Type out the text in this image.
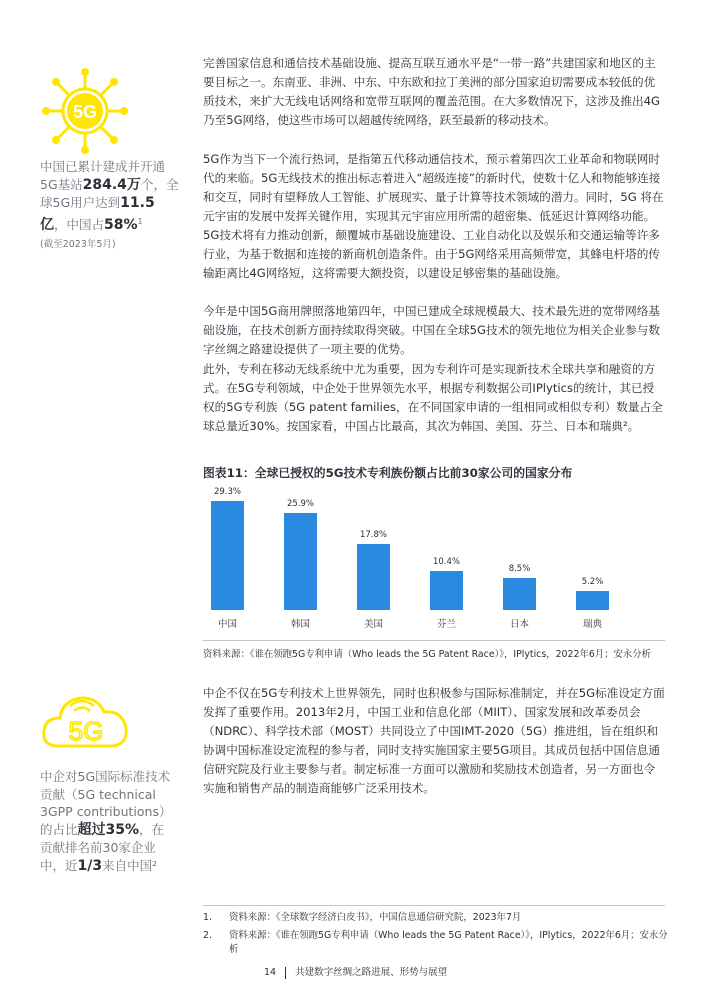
5G
中国已累计建成并开通5G基站284.4万个，全球5G用户达到11.5亿，中国占58%$^1$
(截至2023年5月)
5G
中企对5G国际标准技术贡献（5G technical 3GPP contributions）的占比超过35%，在贡献排名前30家企业中，近1/3来自中国²

完善国家信息和通信技术基础设施、提高互联互通水平是“一带一路”共建国家和地区的主要目标之一。东南亚、非洲、中东、中东欧和拉丁美洲的部分国家迫切需要成本较低的优质技术，来扩大无线电话网络和宽带互联网的覆盖范围。在大多数情况下，这涉及推出4G乃至5G网络，使这些市场可以超越传统网络，跃至最新的移动技术。

5G作为当下一个流行热词，是指第五代移动通信技术，预示着第四次工业革命和物联网时代的来临。5G无线技术的推出标志着进入“超级连接”的新时代，使数十亿人和物能够连接和交互，同时有望释放人工智能、扩展现实、量子计算等技术领域的潜力。同时，5G 将在元宇宙的发展中发挥关键作用，实现其元宇宙应用所需的超密集、低延迟计算网络功能。5G技术将有力推动创新，颠覆城市基础设施建设、工业自动化以及娱乐和交通运输等许多行业，为基于数据和连接的新商机创造条件。由于5G网络采用高频带宽，其蜂电杆塔的传输距离比4G网络短，这将需要大额投资，以建设足够密集的基础设施。

今年是中国5G商用牌照落地第四年，中国已建成全球规模最大、技术最先进的宽带网络基础设施，在技术创新方面持续取得突破。中国在全球5G技术的领先地位为相关企业参与数字丝绸之路建设提供了一项主要的优势。

此外，专利在移动无线系统中尤为重要，因为专利许可是实现新技术全球共享和融资的方式。在5G专利领域，中企处于世界领先水平，根据专利数据公司IPlytics的统计，其已授权的5G专利族（5G patent families，在不同国家申请的一组相同或相似专利）数量占全球总量近30%。按国家看，中国占比最高，其次为韩国、美国、芬兰、日本和瑞典²。

图表11：全球已授权的5G技术专利族份额占比前30家公司的国家分布
29.3%
中国
25.9%
韩国
17.8%
美国
10.4%
芬兰
8.5%
日本
5.2%
瑞典
资料来源：《谁在领跑5G专利申请（Who leads the 5G Patent Race）》，IPlytics，2022年6月；安永分析

中企不仅在5G专利技术上世界领先，同时也积极参与国际标准制定，并在5G标准设定方面发挥了重要作用。2013年2月，中国工业和信息化部（MIIT）、国家发展和改革委员会（NDRC）、科学技术部（MOST）共同设立了中国IMT-2020（5G）推进组，旨在组织和协调中国标准设定流程的参与者，同时支持实施国家主要5G项目。其成员包括中国信息通信研究院及行业主要参与者。制定标准一方面可以激励和奖励技术创造者，另一方面也令实施和销售产品的制造商能够广泛采用技术。

1. 资料来源：《全球数字经济白皮书》，中国信息通信研究院，2023年7月
2.	资料来源：《谁在领跑5G专利申请（Who leads the 5G Patent Race）》，IPlytics，2022年6月；安永分析
14 共建数字丝绸之路进展、形势与展望
